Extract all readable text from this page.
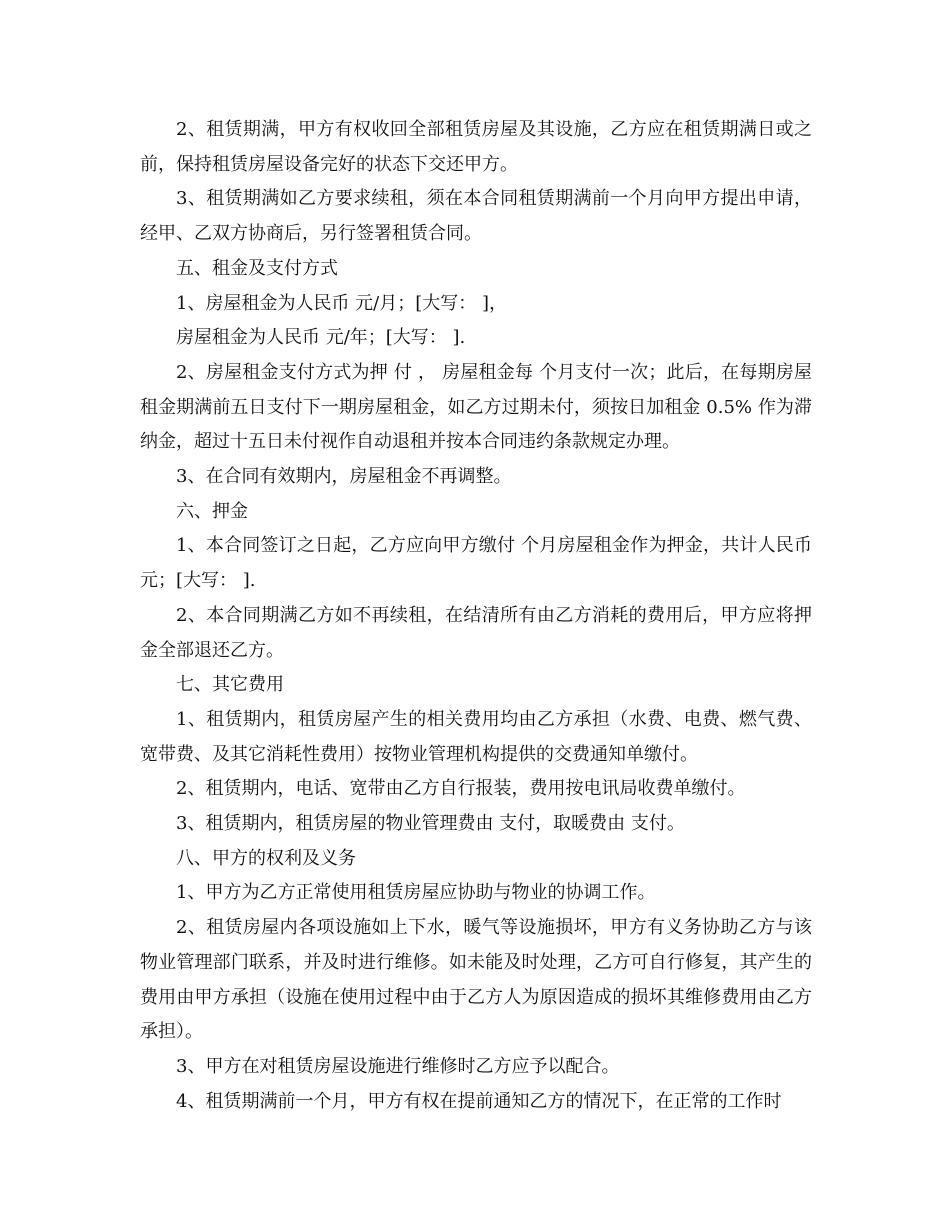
2、租赁期满，甲方有权收回全部租赁房屋及其设施，乙方应在租赁期满日或之前，保持租赁房屋设备完好的状态下交还甲方。

3、租赁期满如乙方要求续租，须在本合同租赁期满前一个月向甲方提出申请，经甲、乙双方协商后，另行签署租赁合同。

五、租金及支付方式

1、房屋租金为人民币 元/月；[大写： ]，

房屋租金为人民币 元/年；[大写： ].

2、房屋租金支付方式为押 付 ， 房屋租金每 个月支付一次；此后，在每期房屋租金期满前五日支付下一期房屋租金，如乙方过期未付，须按日加租金 0.5% 作为滞纳金，超过十五日未付视作自动退租并按本合同违约条款规定办理。

3、在合同有效期内，房屋租金不再调整。

六、押金

1、本合同签订之日起，乙方应向甲方缴付 个月房屋租金作为押金，共计人民币 元；[大写： ].

2、本合同期满乙方如不再续租，在结清所有由乙方消耗的费用后，甲方应将押金全部退还乙方。

七、其它费用

1、租赁期内，租赁房屋产生的相关费用均由乙方承担（水费、电费、燃气费、宽带费、及其它消耗性费用）按物业管理机构提供的交费通知单缴付。

2、租赁期内，电话、宽带由乙方自行报装，费用按电讯局收费单缴付。

3、租赁期内，租赁房屋的物业管理费由 支付，取暖费由 支付。

八、甲方的权利及义务

1、甲方为乙方正常使用租赁房屋应协助与物业的协调工作。

2、租赁房屋内各项设施如上下水，暖气等设施损坏，甲方有义务协助乙方与该物业管理部门联系，并及时进行维修。如未能及时处理，乙方可自行修复，其产生的费用由甲方承担（设施在使用过程中由于乙方人为原因造成的损坏其维修费用由乙方承担）。

3、甲方在对租赁房屋设施进行维修时乙方应予以配合。

4、租赁期满前一个月，甲方有权在提前通知乙方的情况下，在正常的工作时
